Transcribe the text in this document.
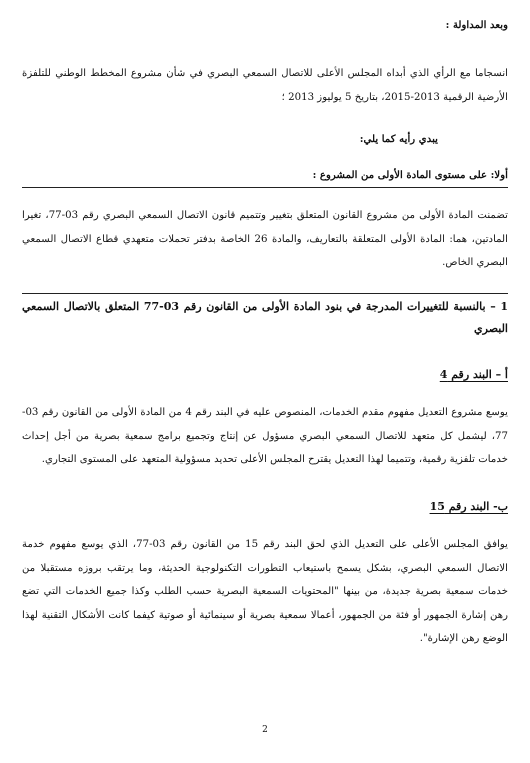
وبعد المداولة :
انسجاما مع الرأي الذي أبداه المجلس الأعلى للاتصال السمعي البصري في شأن مشروع المخطط الوطني للتلفزة الأرضية الرقمية 2013-2015، بتاريخ 5 يوليوز 2013 ؛
يبدي رأيه كما يلي:
أولا: على مستوى المادة الأولى من المشروع :
تضمنت المادة الأولى من مشروع القانون المتعلق بتغيير وتتميم قانون الاتصال السمعي البصري رقم 03-77، تغيرا المادتين، هما: المادة الأولى المتعلقة بالتعاريف، والمادة 26 الخاصة بدفتر تحملات متعهدي قطاع الاتصال السمعي البصري الخاص.
1 – بالنسبة للتغييرات المدرجة في بنود المادة الأولى من القانون رقم 03-77 المتعلق بالاتصال السمعي البصري
أ – البند رقم 4
يوسع مشروع التعديل مفهوم مقدم الخدمات، المنصوص عليه في البند رقم 4 من المادة الأولى من القانون رقم 03-77، ليشمل كل متعهد للاتصال السمعي البصري مسؤول عن إنتاج وتجميع برامج سمعية بصرية من أجل إحداث خدمات تلفزية رقمية، وتتميما لهذا التعديل يقترح المجلس الأعلى تحديد مسؤولية المتعهد على المستوى التجاري.
ب- البند رقم 15
يوافق المجلس الأعلى على التعديل الذي لحق البند رقم 15 من القانون رقم 03-77، الذي يوسع مفهوم خدمة الاتصال السمعي البصري، بشكل يسمح باستيعاب التطورات التكنولوجية الحديثة، وما يرتقب بروزه مستقبلا من خدمات سمعية بصرية جديدة، من بينها "المحتويات السمعية البصرية حسب الطلب وكذا جميع الخدمات التي تضع رهن إشارة الجمهور أو فئة من الجمهور، أعمالا سمعية بصرية أو سينمائية أو صوتية كيفما كانت الأشكال التقنية لهذا الوضع رهن الإشارة".
2
